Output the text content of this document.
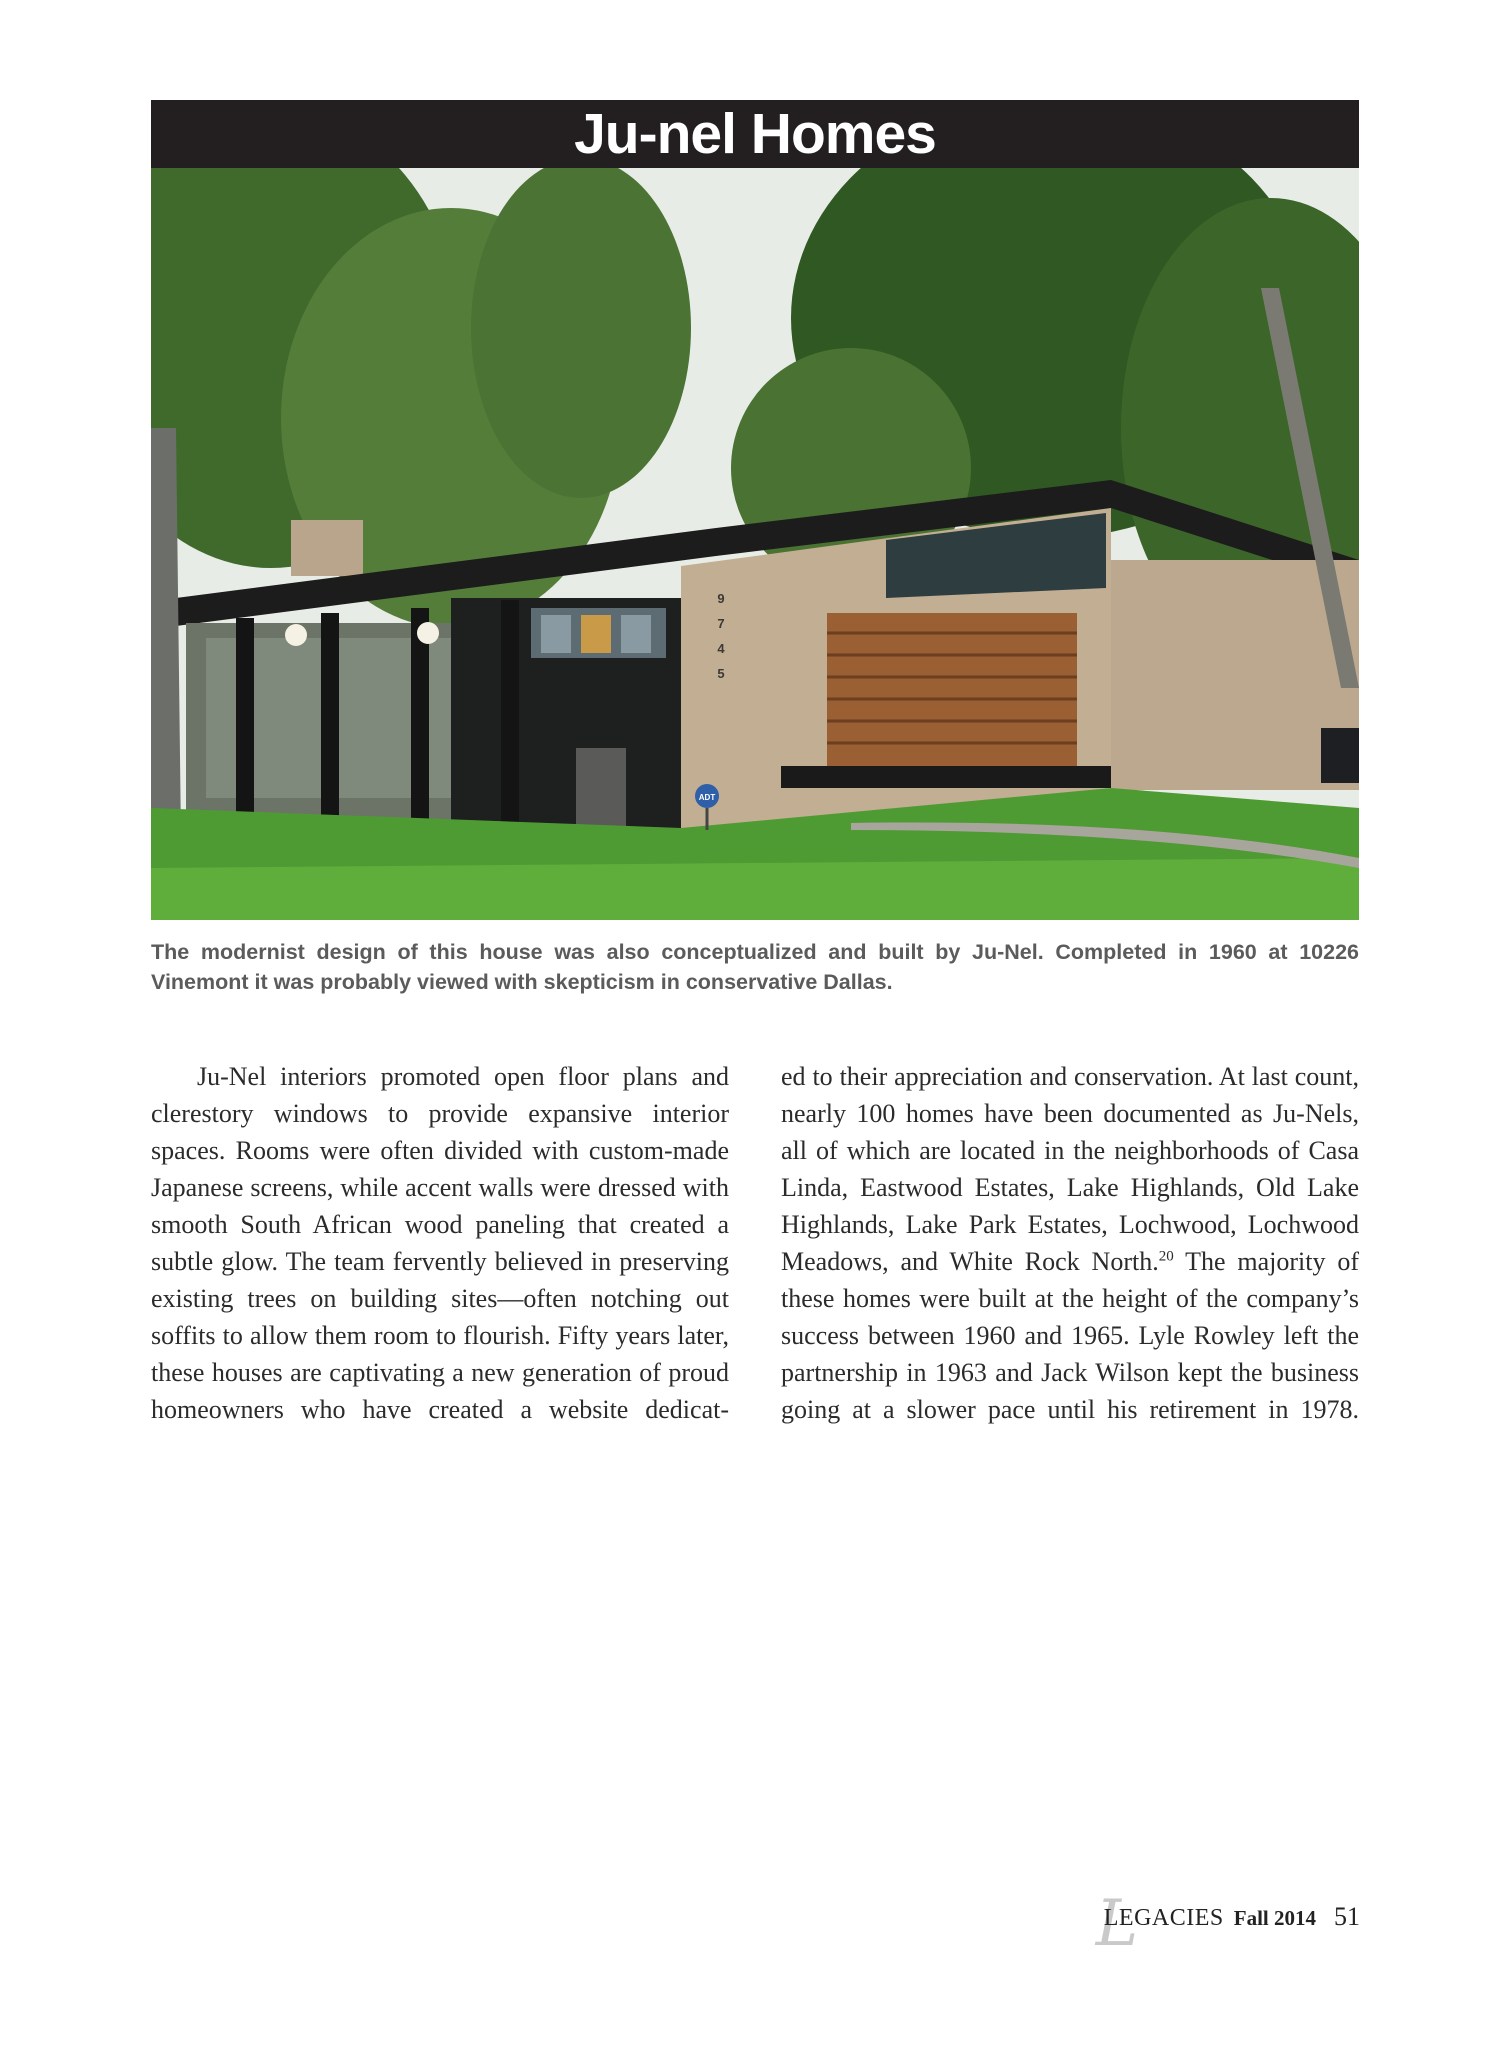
Ju-nel Homes
ADT
9
7
4
5
The modernist design of this house was also conceptualized and built by Ju-Nel. Completed in 1960 at 10226 Vinemont it was probably viewed with skepticism in conservative Dallas.

Ju-Nel interiors promoted open floor plans and clerestory windows to provide expansive interior spaces. Rooms were often divided with custom-made Japanese screens, while accent walls were dressed with smooth South African wood paneling that created a subtle glow. The team fervently believed in preserving existing trees on building sites—often notching out soffits to allow them room to flourish. Fifty years later, these houses are captivating a new generation of proud homeowners who have created a website dedicat-

ed to their appreciation and conservation. At last count, nearly 100 homes have been documented as Ju-Nels, all of which are located in the neighborhoods of Casa Linda, Eastwood Estates, Lake Highlands, Old Lake Highlands, Lake Park Estates, Lochwood, Lochwood Meadows, and White Rock North.$^{20}$ The majority of these homes were built at the height of the company’s success between 1960 and 1965. Lyle Rowley left the partnership in 1963 and Jack Wilson kept the business going at a slower pace until his retirement in 1978.

L
LEGACIES Fall 2014 51
